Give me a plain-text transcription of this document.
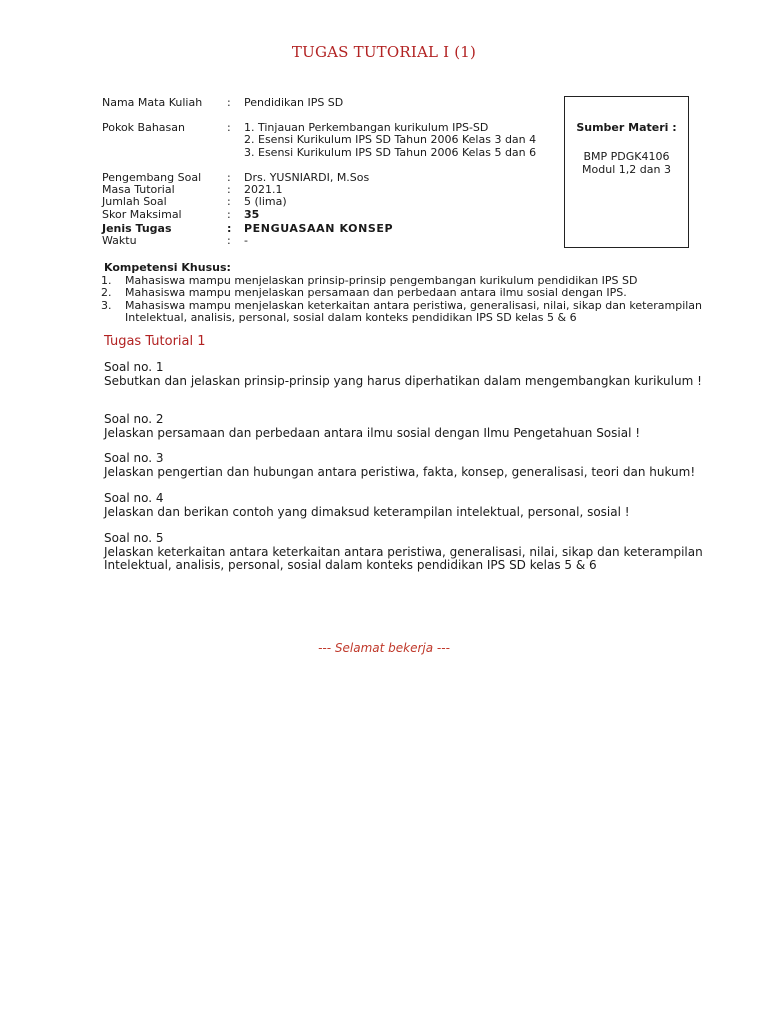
TUGAS TUTORIAL I (1)
Nama Mata Kuliah : Pendidikan IPS SD
Pokok Bahasan	: 1. Tinjauan Perkembangan kurikulum IPS-SD
2. Esensi Kurikulum IPS SD Tahun 2006 Kelas 3 dan 4
3. Esensi Kurikulum IPS SD Tahun 2006 Kelas 5 dan 6
Pengembang Soal : Drs. YUSNIARDI, M.Sos
Masa Tutorial	: 2021.1
Jumlah Soal	: 5 (lima)
Skor Maksimal	: 35
Jenis Tugas	: PENGUASAAN KONSEP
Waktu	: -
Sumber Materi :
BMP PDGK4106
Modul 1,2 dan 3
Kompetensi Khusus:
1. Mahasiswa mampu menjelaskan prinsip-prinsip pengembangan kurikulum pendidikan IPS SD
2. Mahasiswa mampu menjelaskan persamaan dan perbedaan antara ilmu sosial dengan IPS.
3. Mahasiswa mampu menjelaskan keterkaitan antara peristiwa, generalisasi, nilai, sikap dan keterampilan Intelektual, analisis, personal, sosial dalam konteks pendidikan IPS SD kelas 5 & 6
Tugas Tutorial 1
Soal no. 1
Sebutkan dan jelaskan prinsip-prinsip yang harus diperhatikan dalam mengembangkan kurikulum !
Soal no. 2
Jelaskan persamaan dan perbedaan antara ilmu sosial dengan Ilmu Pengetahuan Sosial !
Soal no. 3
Jelaskan pengertian dan hubungan antara peristiwa, fakta, konsep, generalisasi, teori dan hukum!
Soal no. 4
Jelaskan dan berikan contoh yang dimaksud keterampilan intelektual, personal, sosial !
Soal no. 5
Jelaskan keterkaitan antara keterkaitan antara peristiwa, generalisasi, nilai, sikap dan keterampilan Intelektual, analisis, personal, sosial dalam konteks pendidikan IPS SD kelas 5 & 6
--- Selamat bekerja ---
